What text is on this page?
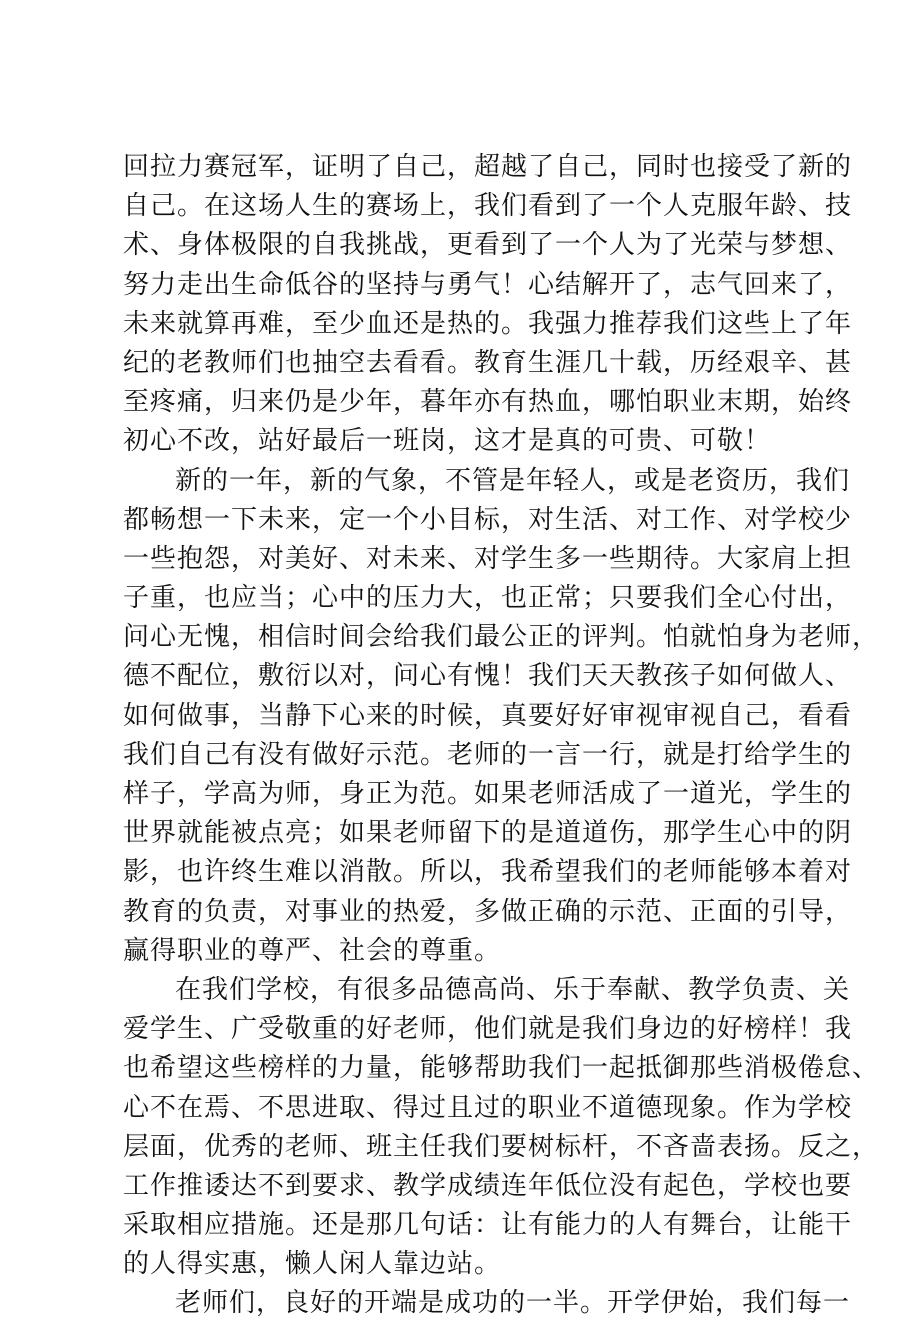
回拉力赛冠军，证明了自己，超越了自己，同时也接受了新的
自己。在这场人生的赛场上，我们看到了一个人克服年龄、技
术、身体极限的自我挑战，更看到了一个人为了光荣与梦想、
努力走出生命低谷的坚持与勇气！心结解开了，志气回来了，
未来就算再难，至少血还是热的。我强力推荐我们这些上了年
纪的老教师们也抽空去看看。教育生涯几十载，历经艰辛、甚
至疼痛，归来仍是少年，暮年亦有热血，哪怕职业末期，始终
初心不改，站好最后一班岗，这才是真的可贵、可敬！
新的一年，新的气象，不管是年轻人，或是老资历，我们
都畅想一下未来，定一个小目标，对生活、对工作、对学校少
一些抱怨，对美好、对未来、对学生多一些期待。大家肩上担
子重，也应当；心中的压力大，也正常；只要我们全心付出，
问心无愧，相信时间会给我们最公正的评判。怕就怕身为老师，
德不配位，敷衍以对，问心有愧！我们天天教孩子如何做人、
如何做事，当静下心来的时候，真要好好审视审视自己，看看
我们自己有没有做好示范。老师的一言一行，就是打给学生的
样子，学高为师，身正为范。如果老师活成了一道光，学生的
世界就能被点亮；如果老师留下的是道道伤，那学生心中的阴
影，也许终生难以消散。所以，我希望我们的老师能够本着对
教育的负责，对事业的热爱，多做正确的示范、正面的引导，
赢得职业的尊严、社会的尊重。
在我们学校，有很多品德高尚、乐于奉献、教学负责、关
爱学生、广受敬重的好老师，他们就是我们身边的好榜样！我
也希望这些榜样的力量，能够帮助我们一起抵御那些消极倦怠、
心不在焉、不思进取、得过且过的职业不道德现象。作为学校
层面，优秀的老师、班主任我们要树标杆，不吝啬表扬。反之，
工作推诿达不到要求、教学成绩连年低位没有起色，学校也要
采取相应措施。还是那几句话：让有能力的人有舞台，让能干
的人得实惠，懒人闲人靠边站。
老师们，良好的开端是成功的一半。开学伊始，我们每一
